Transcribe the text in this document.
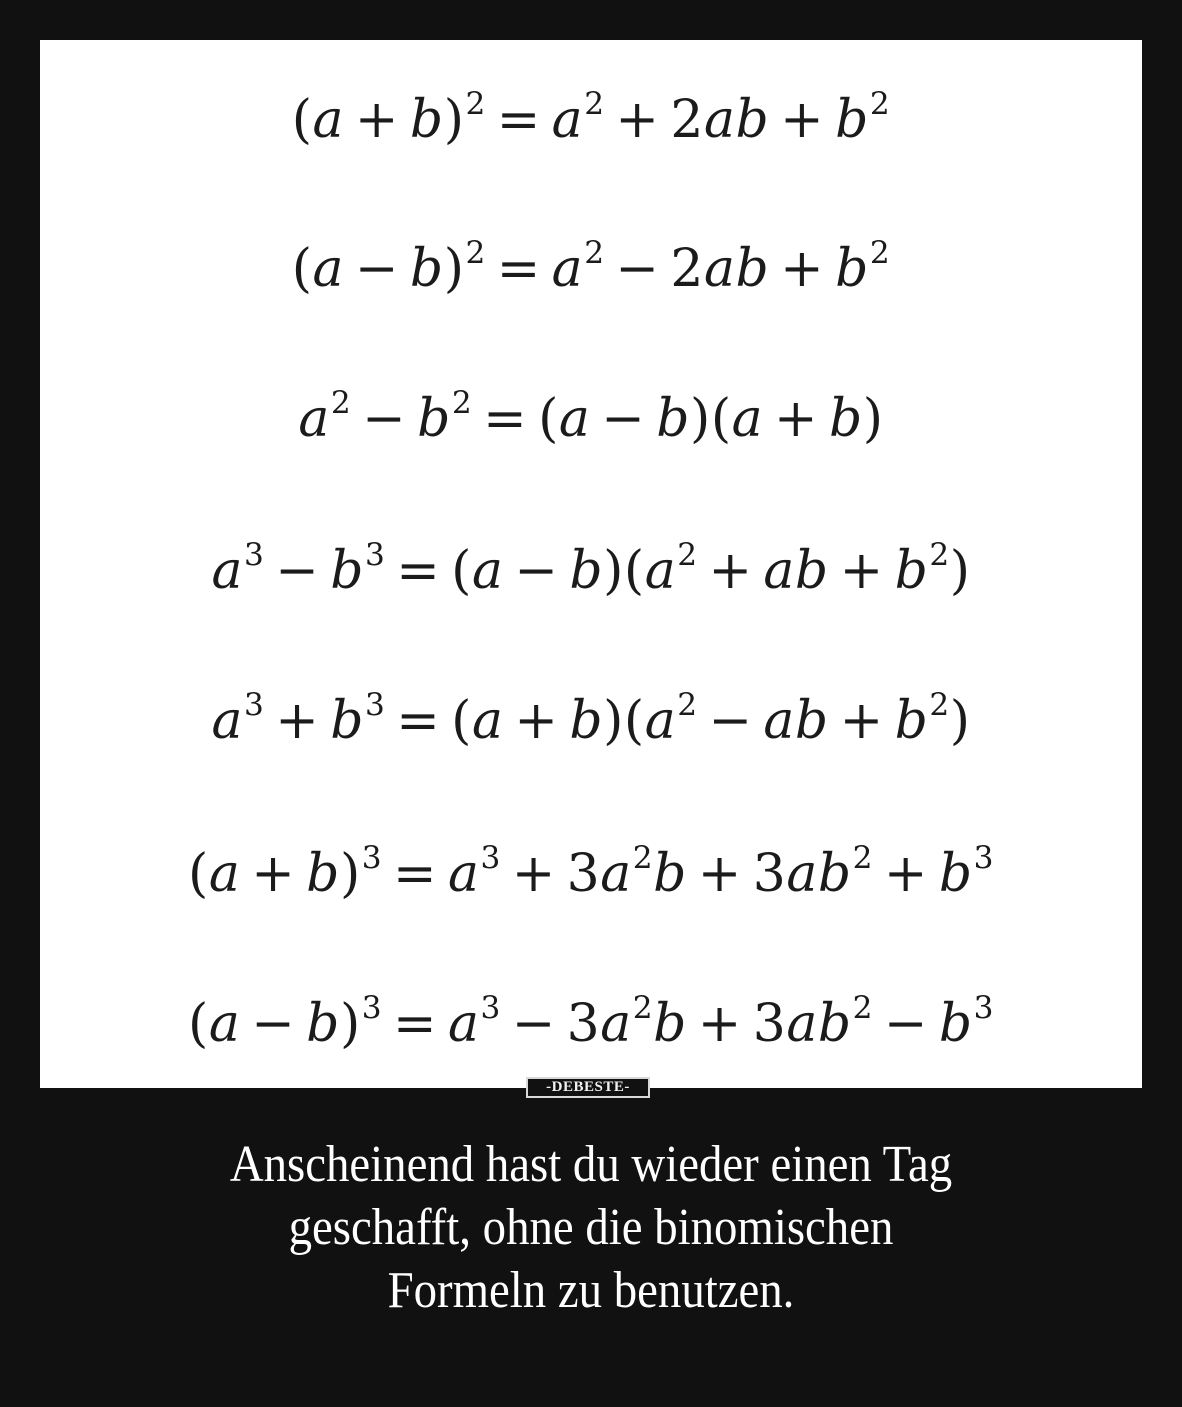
$(a + b)^2 = a^2 + 2ab + b^2$
$(a - b)^2 = a^2 - 2ab + b^2$
$a^2 - b^2 = (a - b)(a + b)$
$a^3 - b^3 = (a - b)(a^2$ + ab + $b^2$)
$a^3 + b^3 = (a + b)(a^2$ − ab + $b^2$)
$(a + b)^3 = a^3 + 3a^2b + 3ab^2 + b^3$
$(a - b)^3 = a^3 - 3a^2b + 3ab^2 - b^3$
-DEBESTE-
Anscheinend hast du wieder einen Tag
geschafft, ohne die binomischen
Formeln zu benutzen.
